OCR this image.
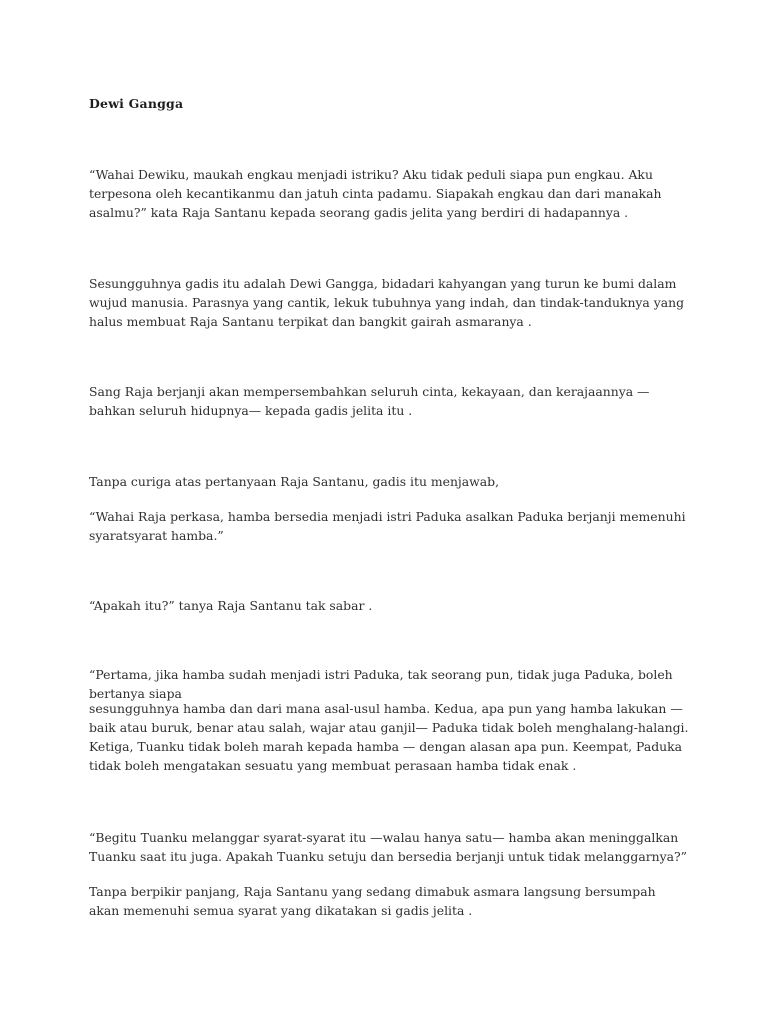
Dewi Gangga

“Wahai Dewiku, maukah engkau menjadi istriku? Aku tidak peduli siapa pun engkau. Aku terpesona oleh kecantikanmu dan jatuh cinta padamu. Siapakah engkau dan dari manakah asalmu?” kata Raja Santanu kepada seorang gadis jelita yang berdiri di hadapannya .

Sesungguhnya gadis itu adalah Dewi Gangga, bidadari kahyangan yang turun ke bumi dalam wujud manusia. Parasnya yang cantik, lekuk tubuhnya yang indah, dan tindak-tanduknya yang halus membuat Raja Santanu terpikat dan bangkit gairah asmaranya .

Sang Raja berjanji akan mempersembahkan seluruh cinta, kekayaan, dan kerajaannya —bahkan seluruh hidupnya— kepada gadis jelita itu .

Tanpa curiga atas pertanyaan Raja Santanu, gadis itu menjawab,

“Wahai Raja perkasa, hamba bersedia menjadi istri Paduka asalkan Paduka berjanji memenuhi syaratsyarat hamba.”

“Apakah itu?” tanya Raja Santanu tak sabar .

“Pertama, jika hamba sudah menjadi istri Paduka, tak seorang pun, tidak juga Paduka, boleh bertanya siapa

sesungguhnya hamba dan dari mana asal-usul hamba. Kedua, apa pun yang hamba lakukan —baik atau buruk, benar atau salah, wajar atau ganjil— Paduka tidak boleh menghalang-halangi. Ketiga, Tuanku tidak boleh marah kepada hamba — dengan alasan apa pun. Keempat, Paduka tidak boleh mengatakan sesuatu yang membuat perasaan hamba tidak enak .

“Begitu Tuanku melanggar syarat-syarat itu —walau hanya satu— hamba akan meninggalkan Tuanku saat itu juga. Apakah Tuanku setuju dan bersedia berjanji untuk tidak melanggarnya?”

Tanpa berpikir panjang, Raja Santanu yang sedang dimabuk asmara langsung bersumpah akan memenuhi semua syarat yang dikatakan si gadis jelita .
